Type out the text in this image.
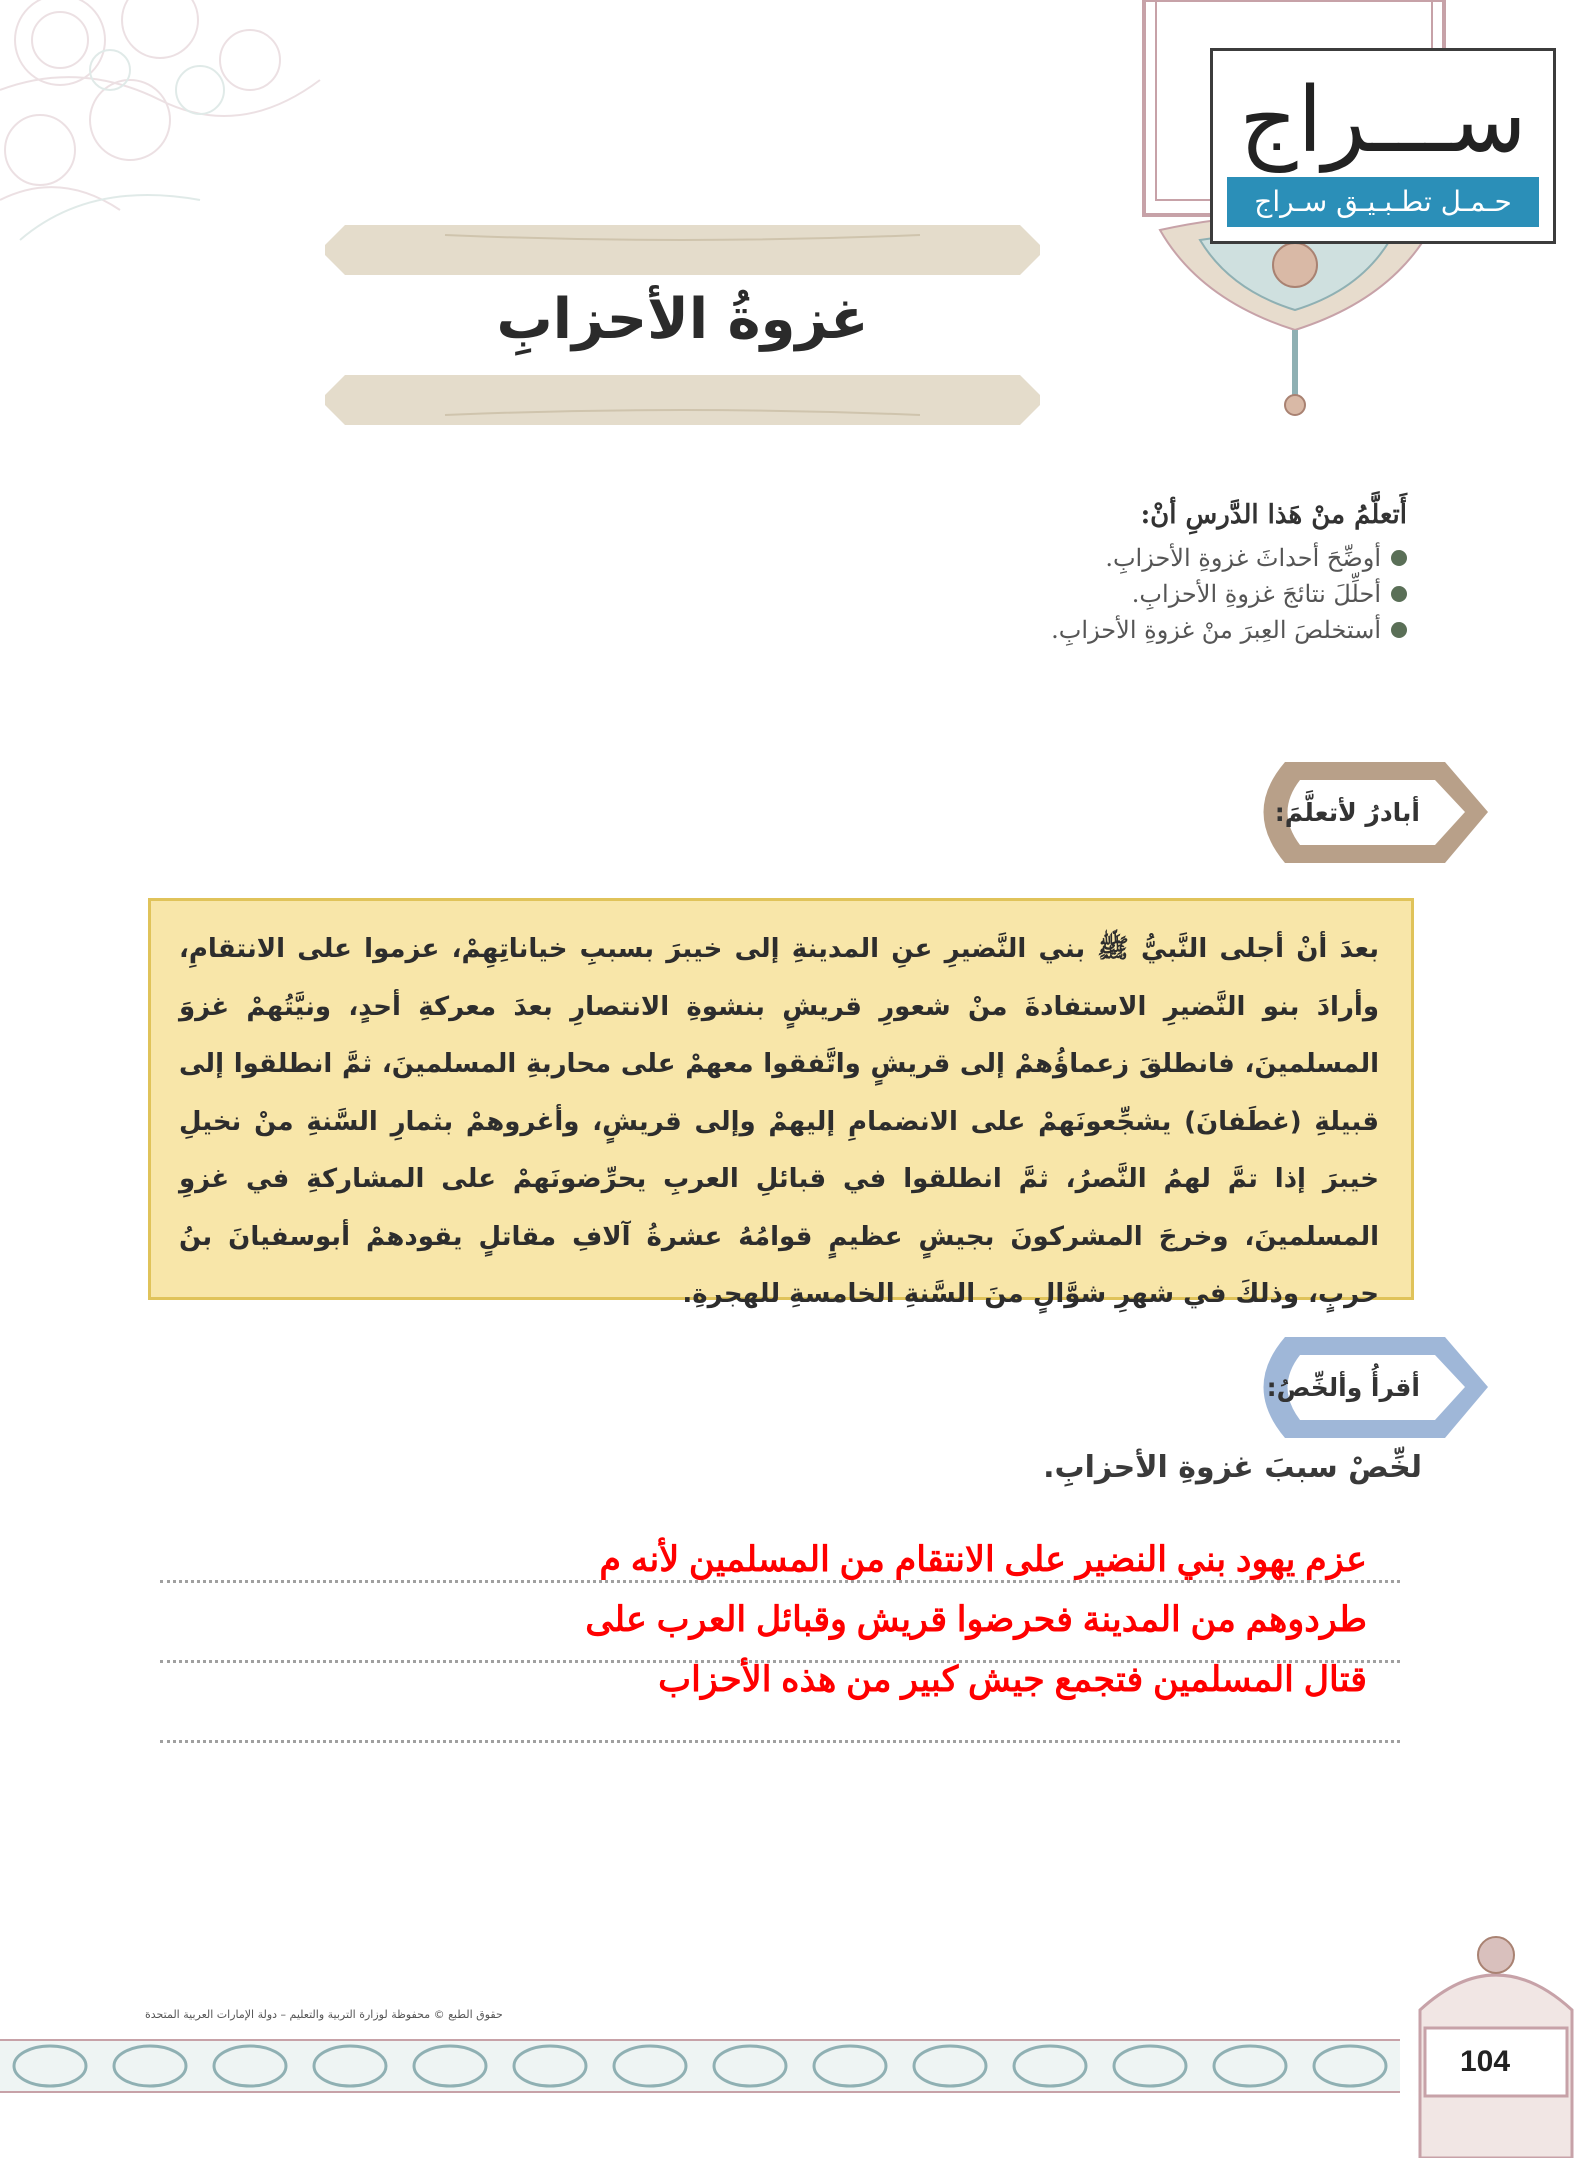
ســـراج
حـمـل تطـبـيـق سـراج
غزوةُ الأحزابِ
أَتعلَّمُ منْ هَذا الدَّرسِ أنْ:
أوضِّحَ أحداثَ غزوةِ الأحزابِ.
أحلِّلَ نتائجَ غزوةِ الأحزابِ.
أستخلصَ العِبرَ منْ غزوةِ الأحزابِ.
أبادرُ لأتعلَّمَ:

بعدَ أنْ أجلى النَّبيُّ ﷺ بني النَّضيرِ عنِ المدينةِ إلى خيبرَ بسببِ خياناتِهِمْ، عزموا على الانتقامِ، وأرادَ بنو النَّضيرِ الاستفادةَ منْ شعورِ قريشٍ بنشوةِ الانتصارِ بعدَ معركةِ أحدٍ، ونيَّتُهمْ غزوَ المسلمينَ، فانطلقَ زعماؤُهمْ إلى قريشٍ واتَّفقوا معهمْ على محاربةِ المسلمينَ، ثمَّ انطلقوا إلى قبيلةِ (غطَفانَ) يشجِّعونَهمْ على الانضمامِ إليهمْ وإلى قريشٍ، وأغروهمْ بثمارِ السَّنةِ منْ نخيلِ خيبرَ إذا تمَّ لهمُ النَّصرُ، ثمَّ انطلقوا في قبائلِ العربِ يحرِّضونَهمْ على المشاركةِ في غزوِ المسلمينَ، وخرجَ المشركونَ بجيشٍ عظيمٍ قوامُهُ عشرةُ آلافِ مقاتلٍ يقودهمْ أبوسفيانَ بنُ حربٍ، وذلكَ في شهرِ شوَّالٍ منَ السَّنةِ الخامسةِ للهجرةِ.

أقرأُ وألخِّصُ:
لخِّصْ سببَ غزوةِ الأحزابِ.
عزم يهود بني النضير على الانتقام من المسلمين لأنه م
طردوهم من المدينة فحرضوا قريش وقبائل العرب على
قتال المسلمين فتجمع جيش كبير من هذه الأحزاب
حقوق الطبع © محفوظة لوزارة التربية والتعليم – دولة الإمارات العربية المتحدة
104
